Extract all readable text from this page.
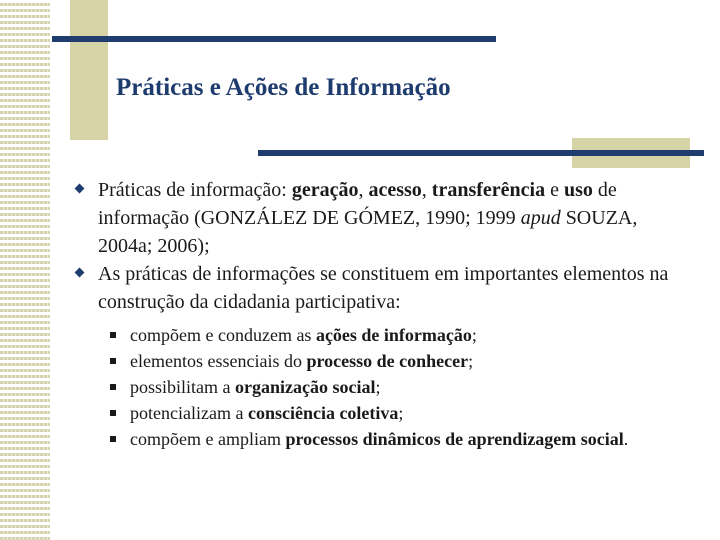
Práticas e Ações de Informação
Práticas de informação: geração, acesso, transferência e uso de informação (GONZÁLEZ DE GÓMEZ, 1990; 1999 apud SOUZA, 2004a; 2006);
As práticas de informações se constituem em importantes elementos na construção da cidadania participativa:
compõem e conduzem as ações de informação;
elementos essenciais do processo de conhecer;
possibilitam a organização social;
potencializam a consciência coletiva;
compõem e ampliam processos dinâmicos de aprendizagem social.
